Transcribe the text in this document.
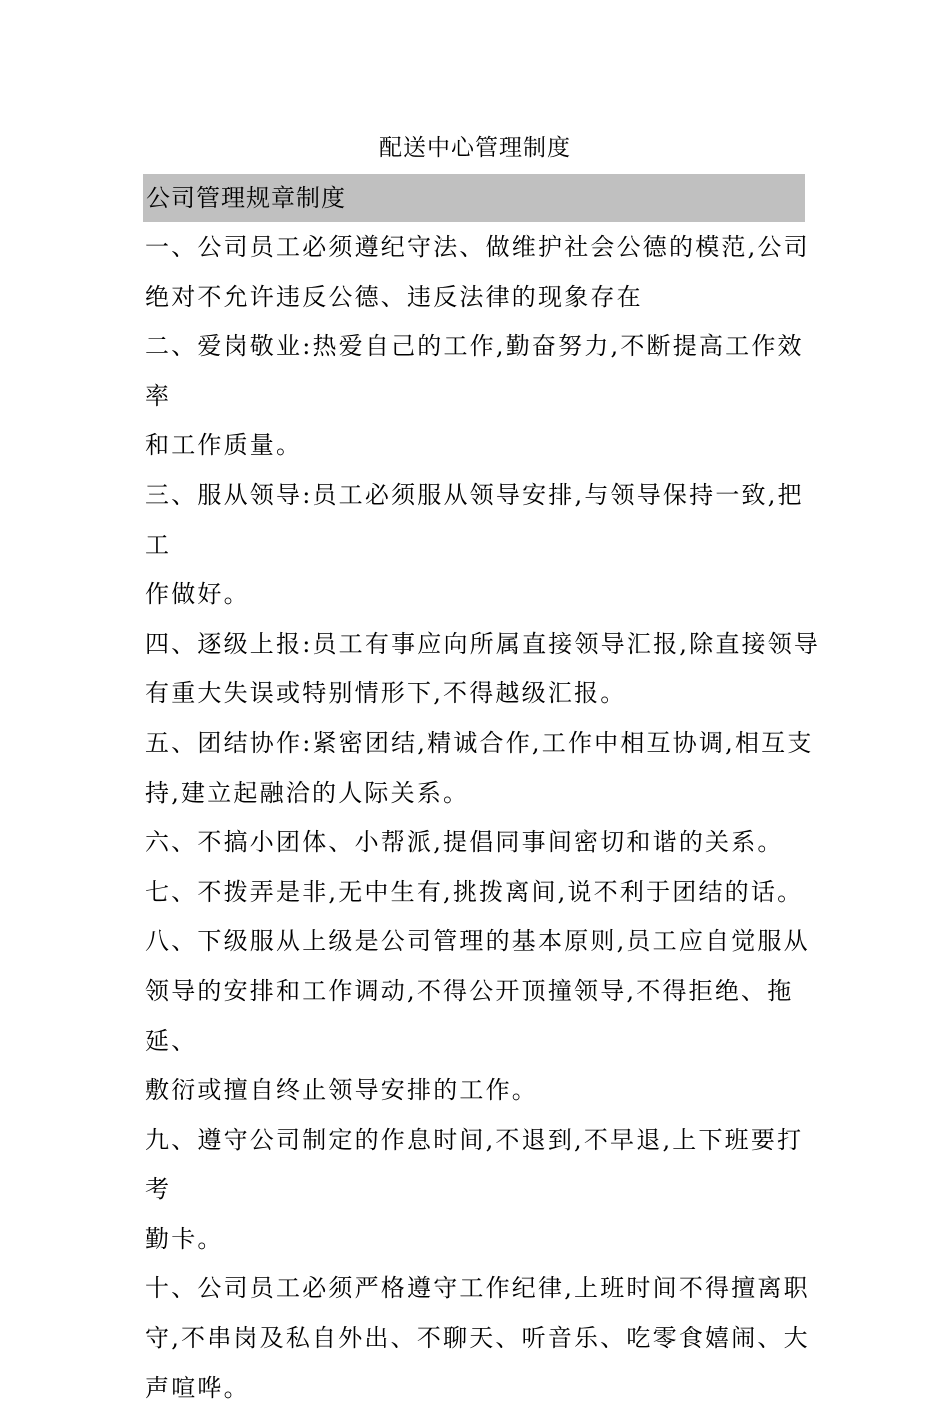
配送中心管理制度
公司管理规章制度
一、公司员工必须遵纪守法、做维护社会公德的模范,公司
绝对不允许违反公德、违反法律的现象存在
二、爱岗敬业:热爱自己的工作,勤奋努力,不断提高工作效率
和工作质量。
三、服从领导:员工必须服从领导安排,与领导保持一致,把工
作做好。
四、逐级上报:员工有事应向所属直接领导汇报,除直接领导
有重大失误或特别情形下,不得越级汇报。
五、团结协作:紧密团结,精诚合作,工作中相互协调,相互支
持,建立起融洽的人际关系。
六、不搞小团体、小帮派,提倡同事间密切和谐的关系。
七、不拨弄是非,无中生有,挑拨离间,说不利于团结的话。
八、下级服从上级是公司管理的基本原则,员工应自觉服从
领导的安排和工作调动,不得公开顶撞领导,不得拒绝、拖延、
敷衍或擅自终止领导安排的工作。
九、遵守公司制定的作息时间,不退到,不早退,上下班要打考
勤卡。
十、公司员工必须严格遵守工作纪律,上班时间不得擅离职
守,不串岗及私自外出、不聊天、听音乐、吃零食嬉闹、大
声喧哗。
